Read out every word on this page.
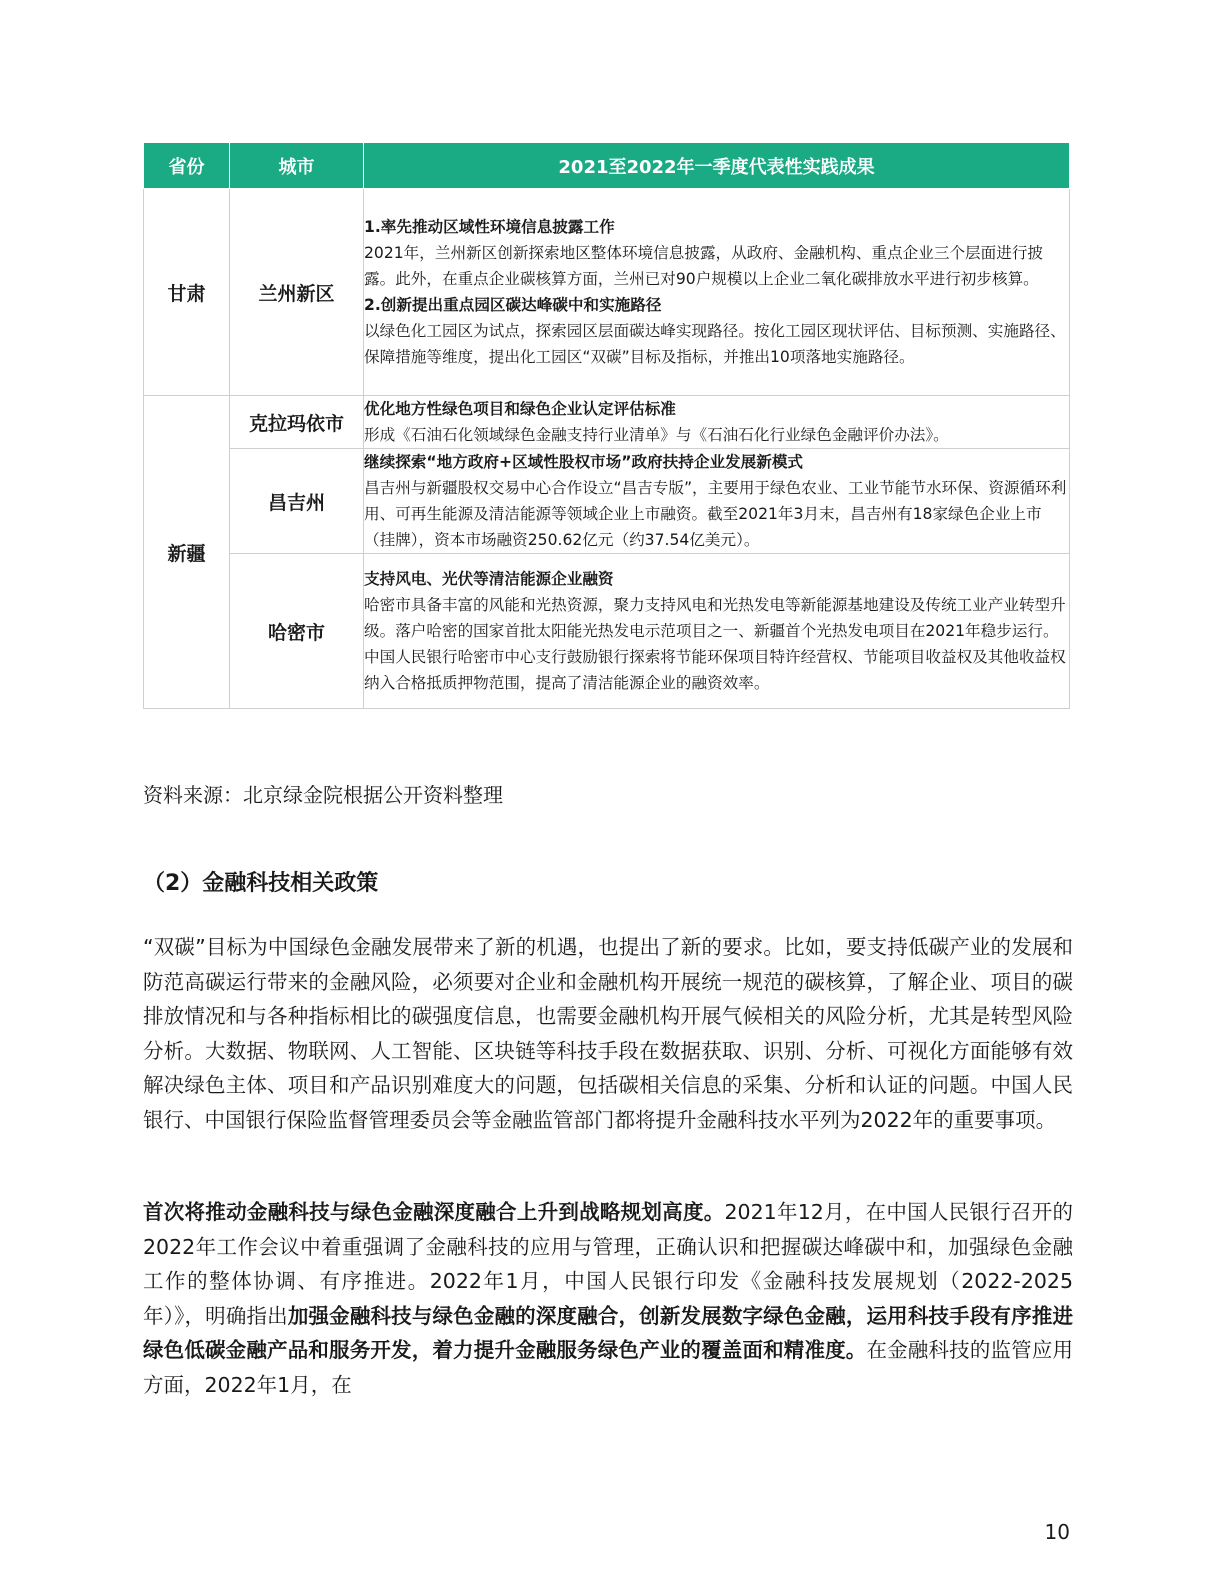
省份	城市	2021至2022年一季度代表性实践成果
甘肃	兰州新区	1.率先推动区域性环境信息披露工作
2021年，兰州新区创新探索地区整体环境信息披露，从政府、金融机构、重点企业三个层面进行披露。此外，在重点企业碳核算方面，兰州已对90户规模以上企业二氧化碳排放水平进行初步核算。
2.创新提出重点园区碳达峰碳中和实施路径
以绿色化工园区为试点，探索园区层面碳达峰实现路径。按化工园区现状评估、目标预测、实施路径、保障措施等维度，提出化工园区“双碳”目标及指标，并推出10项落地实施路径。

新疆	克拉玛依市	优化地方性绿色项目和绿色企业认定评估标准
形成《石油石化领域绿色金融支持行业清单》与《石油石化行业绿色金融评价办法》。

	昌吉州	继续探索“地方政府+区域性股权市场”政府扶持企业发展新模式
昌吉州与新疆股权交易中心合作设立“昌吉专版”，主要用于绿色农业、工业节能节水环保、资源循环利用、可再生能源及清洁能源等领域企业上市融资。截至2021年3月末，昌吉州有18家绿色企业上市（挂牌），资本市场融资250.62亿元（约37.54亿美元）。

	哈密市	支持风电、光伏等清洁能源企业融资
哈密市具备丰富的风能和光热资源，聚力支持风电和光热发电等新能源基地建设及传统工业产业转型升级。落户哈密的国家首批太阳能光热发电示范项目之一、新疆首个光热发电项目在2021年稳步运行。中国人民银行哈密市中心支行鼓励银行探索将节能环保项目特许经营权、节能项目收益权及其他收益权纳入合格抵质押物范围，提高了清洁能源企业的融资效率。
资料来源：北京绿金院根据公开资料整理
（2）金融科技相关政策

“双碳”目标为中国绿色金融发展带来了新的机遇，也提出了新的要求。比如，要支持低碳产业的发展和防范高碳运行带来的金融风险，必须要对企业和金融机构开展统一规范的碳核算，了解企业、项目的碳排放情况和与各种指标相比的碳强度信息，也需要金融机构开展气候相关的风险分析，尤其是转型风险分析。大数据、物联网、人工智能、区块链等科技手段在数据获取、识别、分析、可视化方面能够有效解决绿色主体、项目和产品识别难度大的问题，包括碳相关信息的采集、分析和认证的问题。中国人民银行、中国银行保险监督管理委员会等金融监管部门都将提升金融科技水平列为2022年的重要事项。

首次将推动金融科技与绿色金融深度融合上升到战略规划高度。2021年12月，在中国人民银行召开的2022年工作会议中着重强调了金融科技的应用与管理，正确认识和把握碳达峰碳中和，加强绿色金融工作的整体协调、有序推进。2022年1月，中国人民银行印发《金融科技发展规划（2022-2025年）》，明确指出加强金融科技与绿色金融的深度融合，创新发展数字绿色金融，运用科技手段有序推进绿色低碳金融产品和服务开发，着力提升金融服务绿色产业的覆盖面和精准度。在金融科技的监管应用方面，2022年1月，在

10
